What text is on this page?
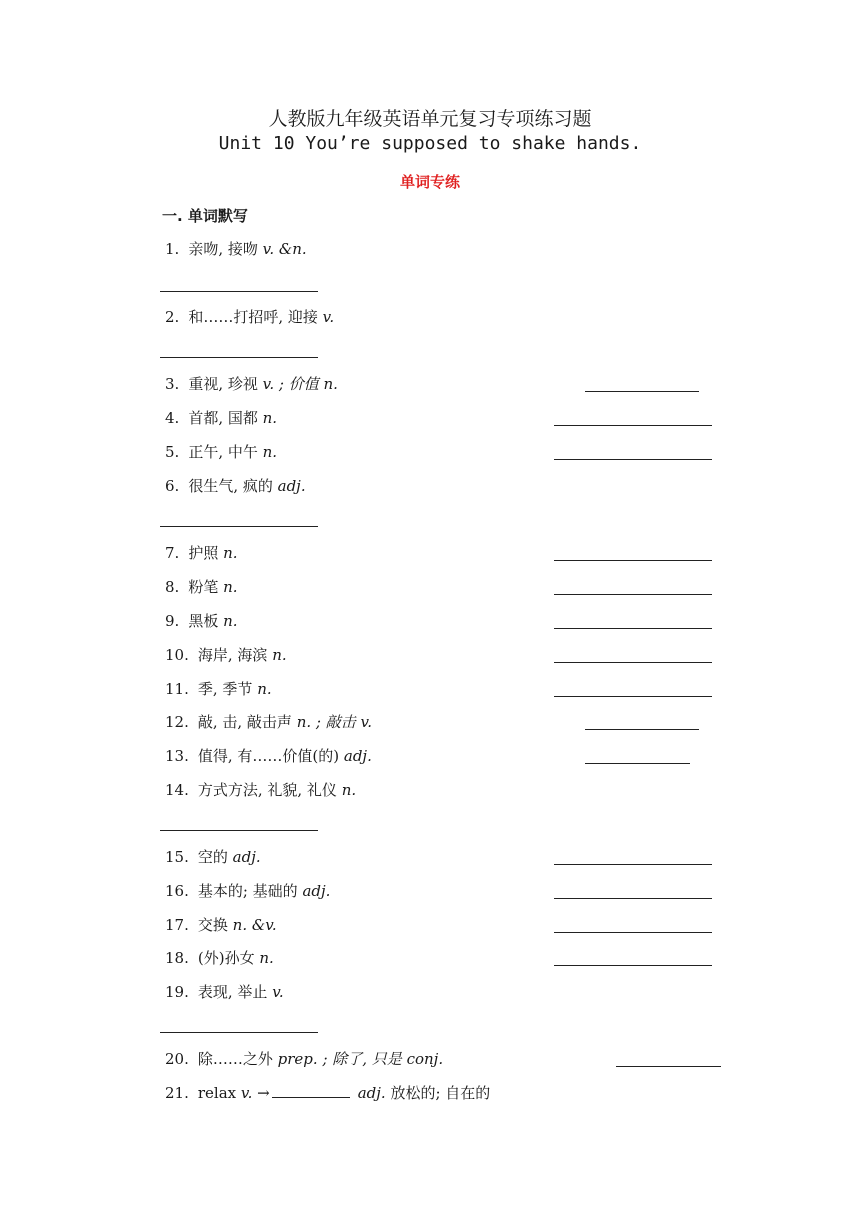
人教版九年级英语单元复习专项练习题
Unit 10 You’re supposed to shake hands.
单词专练
一. 单词默写
1. 亲吻, 接吻 v. &n.
2. 和……打招呼, 迎接 v.
3. 重视, 珍视 v. ; 价值 n.
4. 首都, 国都 n.
5. 正午, 中午 n.
6. 很生气, 疯的 adj.
7. 护照 n.
8. 粉笔 n.
9. 黑板 n.
10. 海岸, 海滨 n.
11. 季, 季节 n.
12. 敲, 击, 敲击声 n. ; 敲击 v.
13. 值得, 有……价值(的) adj.
14. 方式方法, 礼貌, 礼仪 n.
15. 空的 adj.
16. 基本的; 基础的 adj.
17. 交换 n. &v.
18. (外)孙女 n.
19. 表现, 举止 v.
20. 除……之外 prep. ; 除了, 只是 conj.
21. relax v. →	adj. 放松的; 自在的
